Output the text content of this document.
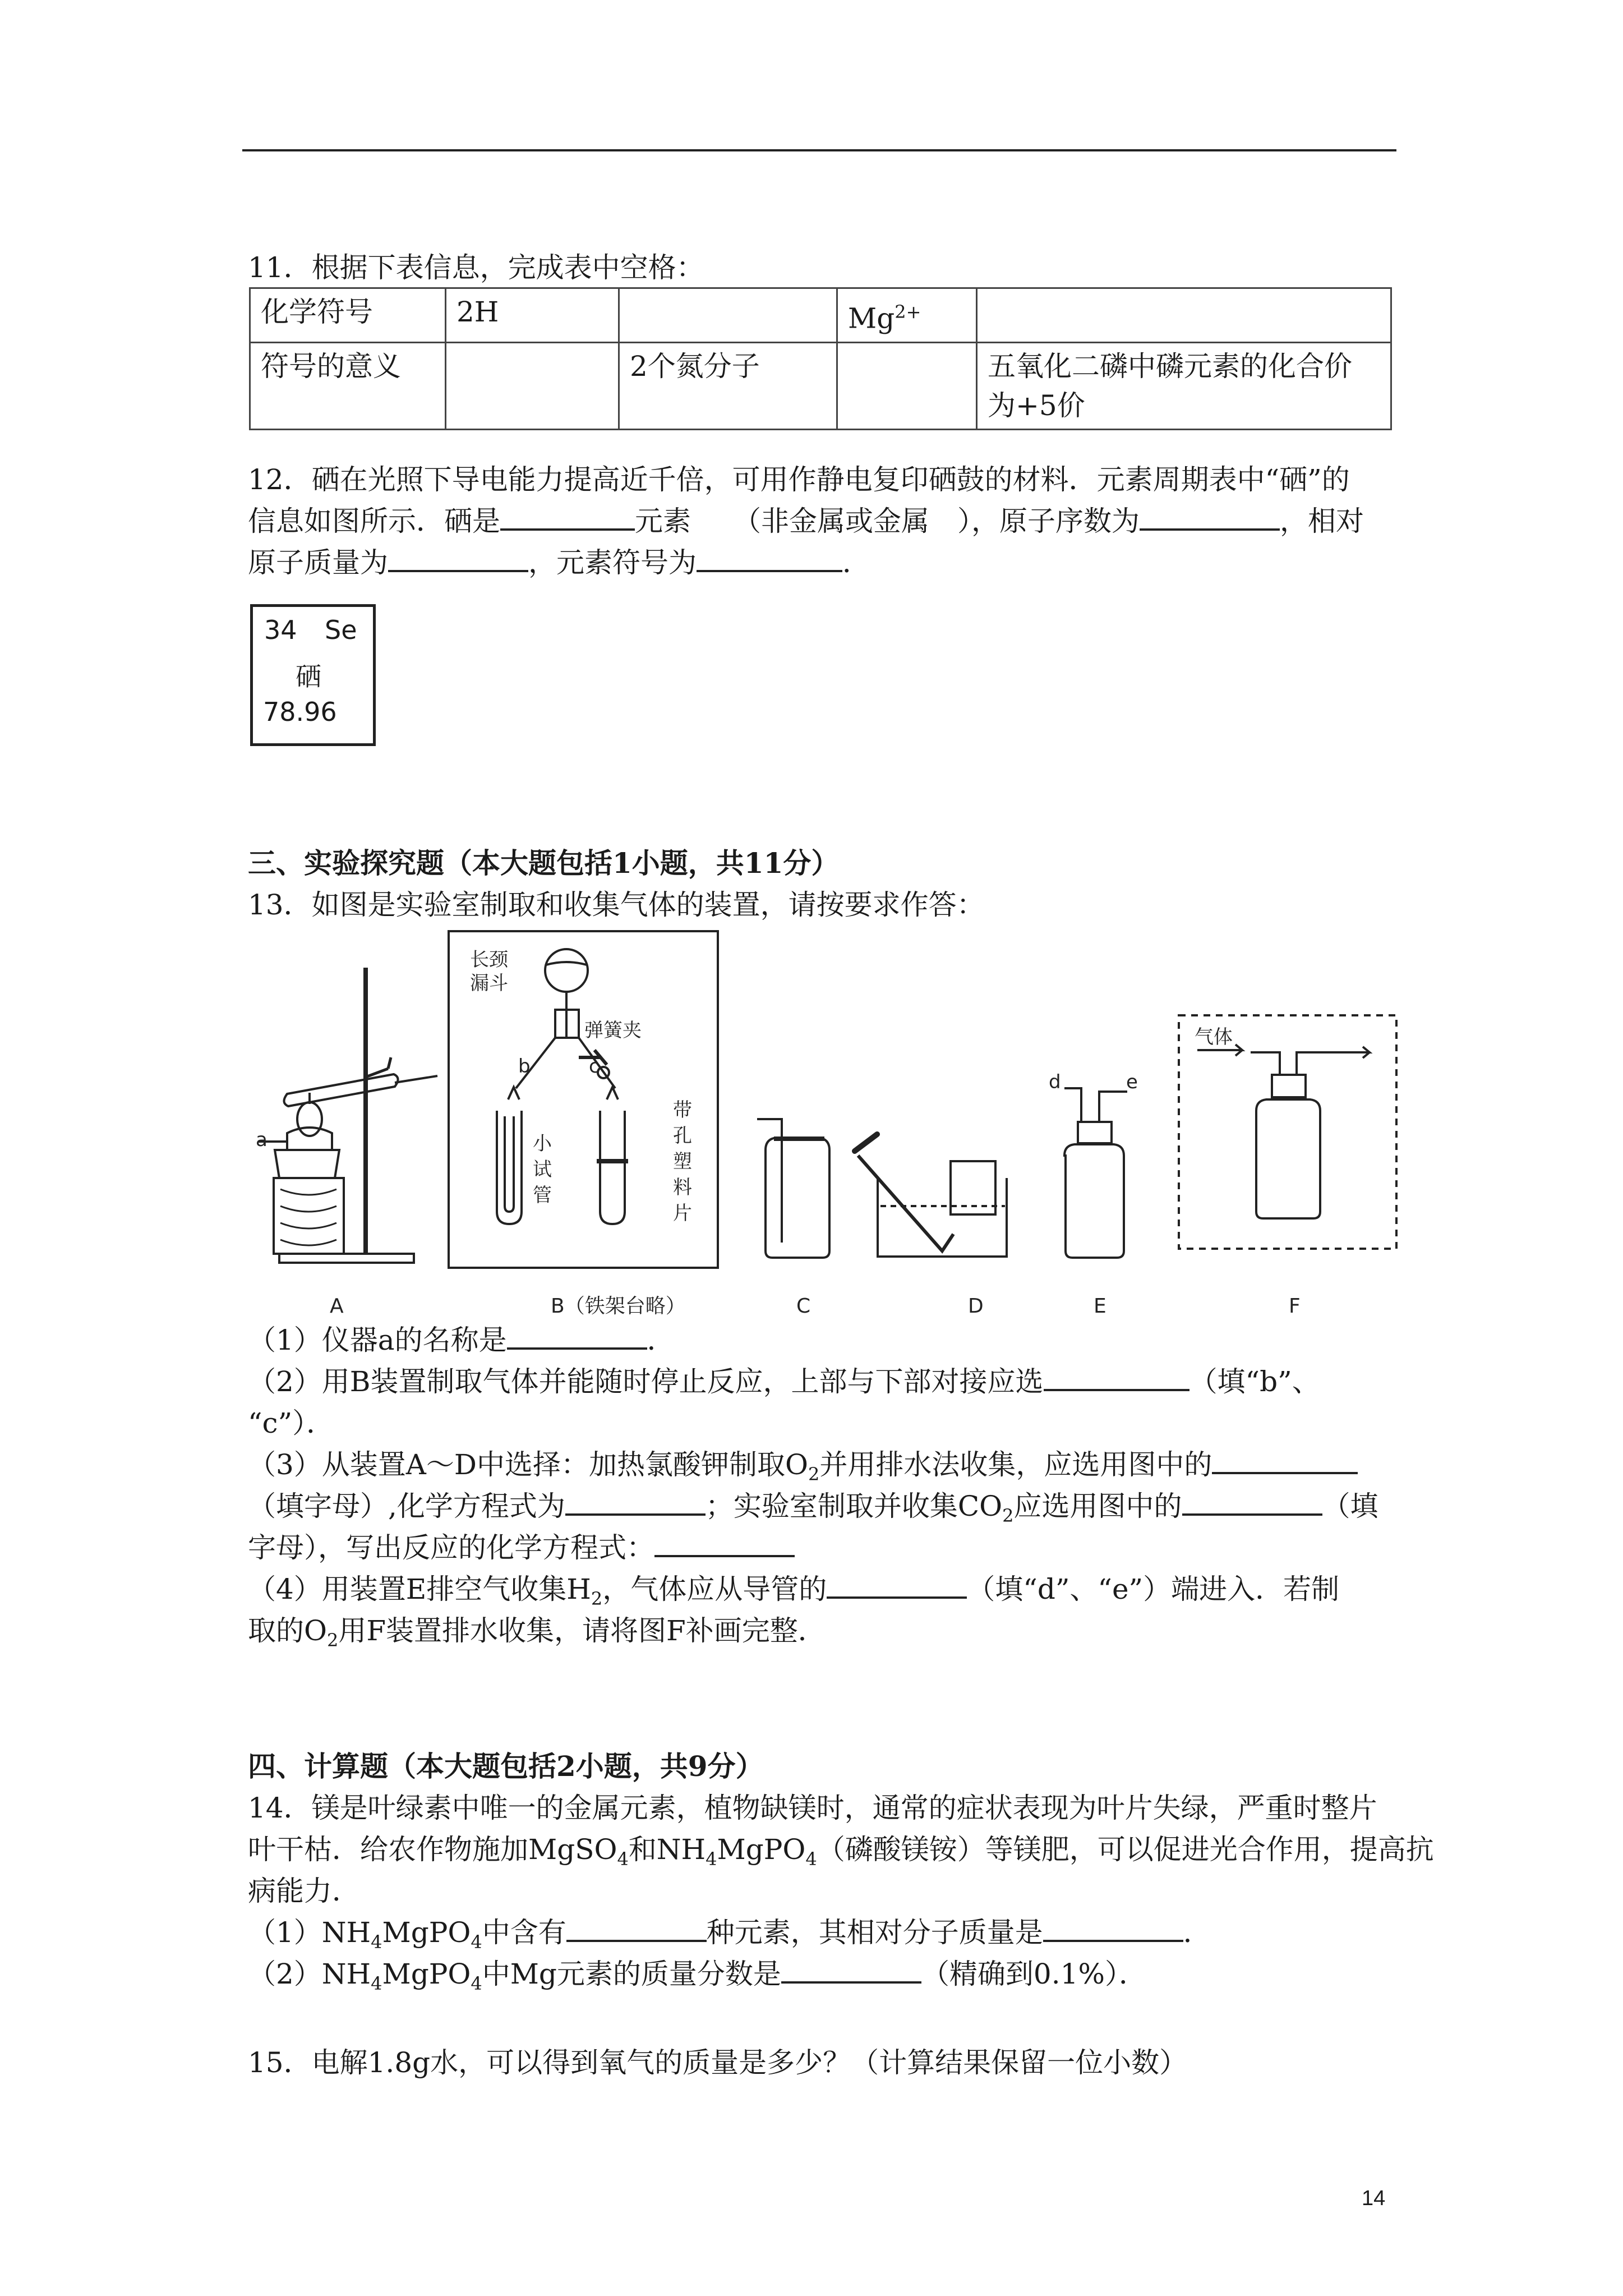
11．根据下表信息，完成表中空格：
化学符号	2H		$Mg^{2+}$	
符号的意义		2个氮分子		五氧化二磷中磷元素的化合价
为+5价
12．硒在光照下导电能力提高近千倍，可用作静电复印硒鼓的材料．元素周期表中“硒”的
信息如图所示．硒是	元素　　（非金属或金属　），原子序数为	，相对
原子质量为	，元素符号为	．
34 Se
硒
78.96
三、实验探究题（本大题包括1小题，共11分）
13．如图是实验室制取和收集气体的装置，请按要求作答：
a
长颈
漏斗
弹簧夹
b	c
小
试
管
带
孔
塑
料
片
d	e
气体
A	B（铁架台略）	C	D	E	F
（1）仪器a的名称是	．
（2）用B装置制取气体并能随时停止反应，上部与下部对接应选	（填“b”、
“c”）．
（3）从装置A～D中选择：加热氯酸钾制取$O_2$并用排水法收集，应选用图中的
（填字母）,化学方程式为	；实验室制取并收集$CO_2$应选用图中的	（填
字母），写出反应的化学方程式：
（4）用装置E排空气收集$H_2$，气体应从导管的	（填“d”、“e”）端进入．若制
取的$O_2$用F装置排水收集，请将图F补画完整．
四、计算题（本大题包括2小题，共9分）
14．镁是叶绿素中唯一的金属元素，植物缺镁时，通常的症状表现为叶片失绿，严重时整片
叶干枯．给农作物施加MgSO$_4$和$NH_4MgPO_4$（磷酸镁铵）等镁肥，可以促进光合作用，提高抗
病能力．
$(1)NH_4MgPO_4$中含有	种元素，其相对分子质量是	．
$(2)NH_4MgPO_4$中Mg元素的质量分数是	（精确到0.1%）．
15．电解1.8g水，可以得到氧气的质量是多少？（计算结果保留一位小数）
14
